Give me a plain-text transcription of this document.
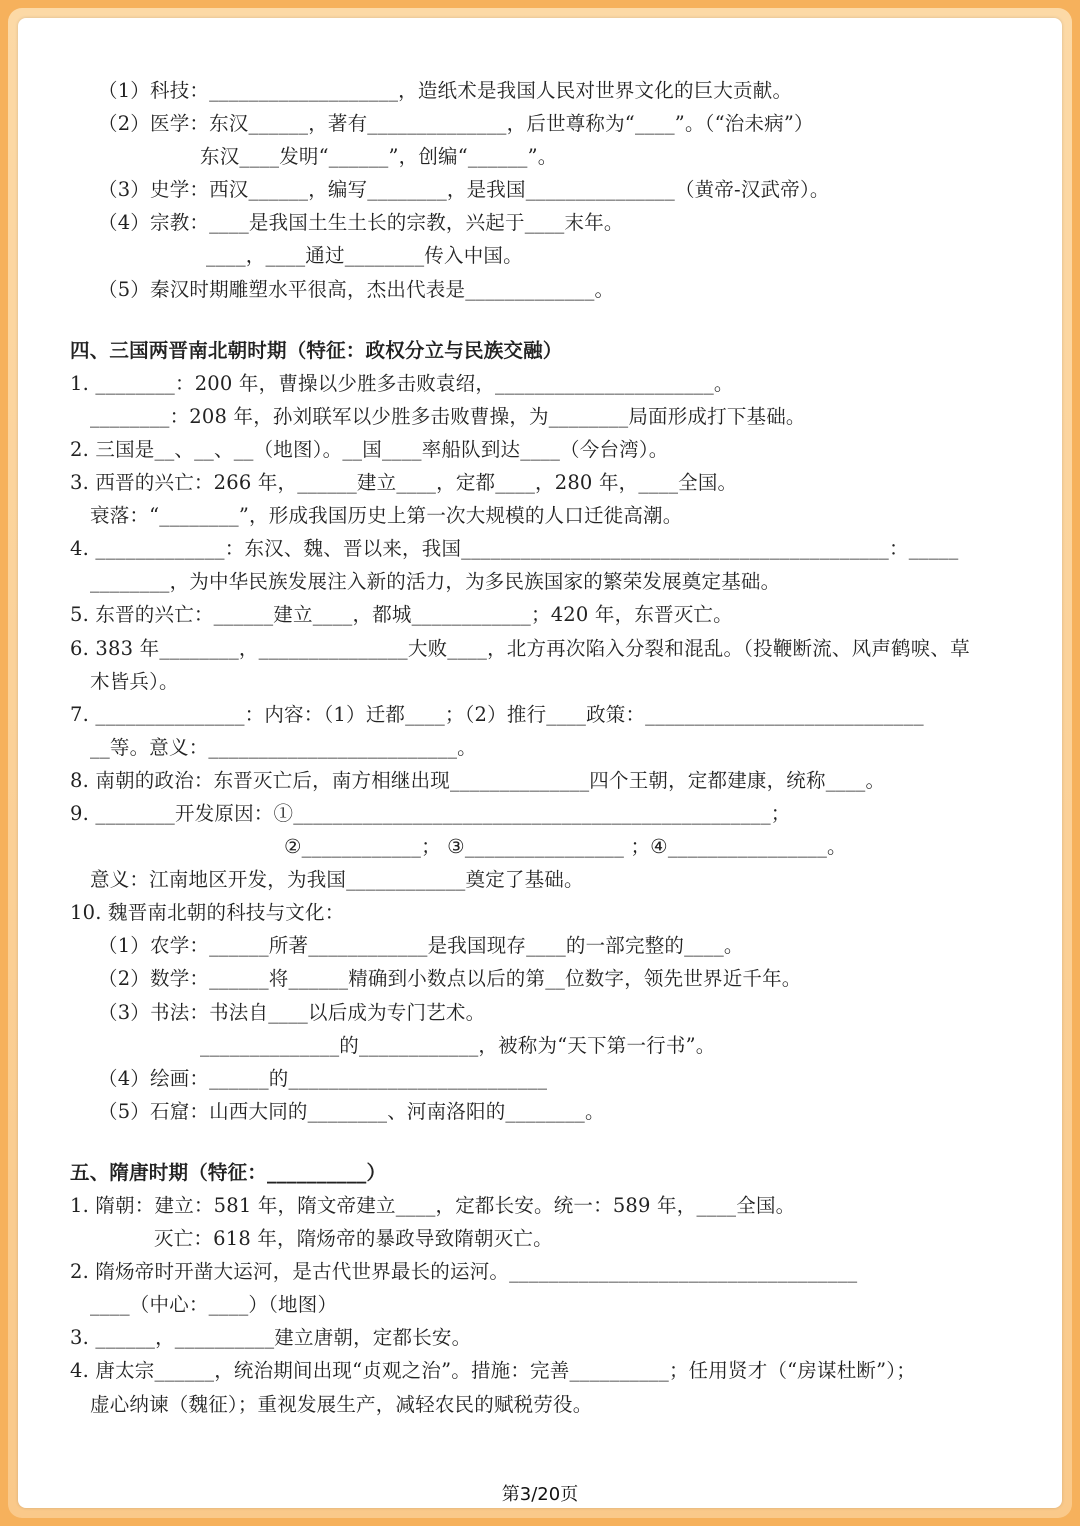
（1）科技：___________________，造纸术是我国人民对世界文化的巨大贡献。
（2）医学：东汉______，著有______________，后世尊称为“____”。（“治未病”）
东汉____发明“______”，创编“______”。
（3）史学：西汉______，编写________，是我国_______________（黄帝-汉武帝）。
（4）宗教：____是我国土生土长的宗教，兴起于____末年。
____，____通过________传入中国。
（5）秦汉时期雕塑水平很高，杰出代表是_____________。
四、三国两晋南北朝时期（特征：政权分立与民族交融）
1. ________：200 年，曹操以少胜多击败袁绍，______________________。
________：208 年，孙刘联军以少胜多击败曹操，为________局面形成打下基础。
2. 三国是__、__、__（地图）。__国____率船队到达____（今台湾）。
3. 西晋的兴亡：266 年，______建立____，定都____，280 年，____全国。
衰落：“________”，形成我国历史上第一次大规模的人口迁徙高潮。
4. _____________：东汉、魏、晋以来，我国___________________________________________：_____
________，为中华民族发展注入新的活力，为多民族国家的繁荣发展奠定基础。
5. 东晋的兴亡：______建立____，都城____________；420 年，东晋灭亡。
6. 383 年________，_______________大败____，北方再次陷入分裂和混乱。（投鞭断流、风声鹤唳、草
木皆兵）。
7. _______________：内容：（1）迁都____；（2）推行____政策：____________________________
__等。意义：_________________________。
8. 南朝的政治：东晋灭亡后，南方相继出现______________四个王朝，定都建康，统称____。
9. ________开发原因：①________________________________________________；
②____________； ③________________ ；④________________。
意义：江南地区开发，为我国____________奠定了基础。
10. 魏晋南北朝的科技与文化：
（1）农学：______所著____________是我国现存____的一部完整的____。
（2）数学：______将______精确到小数点以后的第__位数字，领先世界近千年。
（3）书法：书法自____以后成为专门艺术。
______________的____________，被称为“天下第一行书”。
（4）绘画：______的__________________________
（5）石窟：山西大同的________、河南洛阳的________。
五、隋唐时期（特征：__________）
1. 隋朝：建立：581 年，隋文帝建立____，定都长安。统一：589 年，____全国。
灭亡：618 年，隋炀帝的暴政导致隋朝灭亡。
2. 隋炀帝时开凿大运河，是古代世界最长的运河。___________________________________
____（中心：____）（地图）
3. ______，__________建立唐朝，定都长安。
4. 唐太宗______，统治期间出现“贞观之治”。措施：完善__________；任用贤才（“房谋杜断”）；
虚心纳谏（魏征）；重视发展生产，减轻农民的赋税劳役。
第3/20页
